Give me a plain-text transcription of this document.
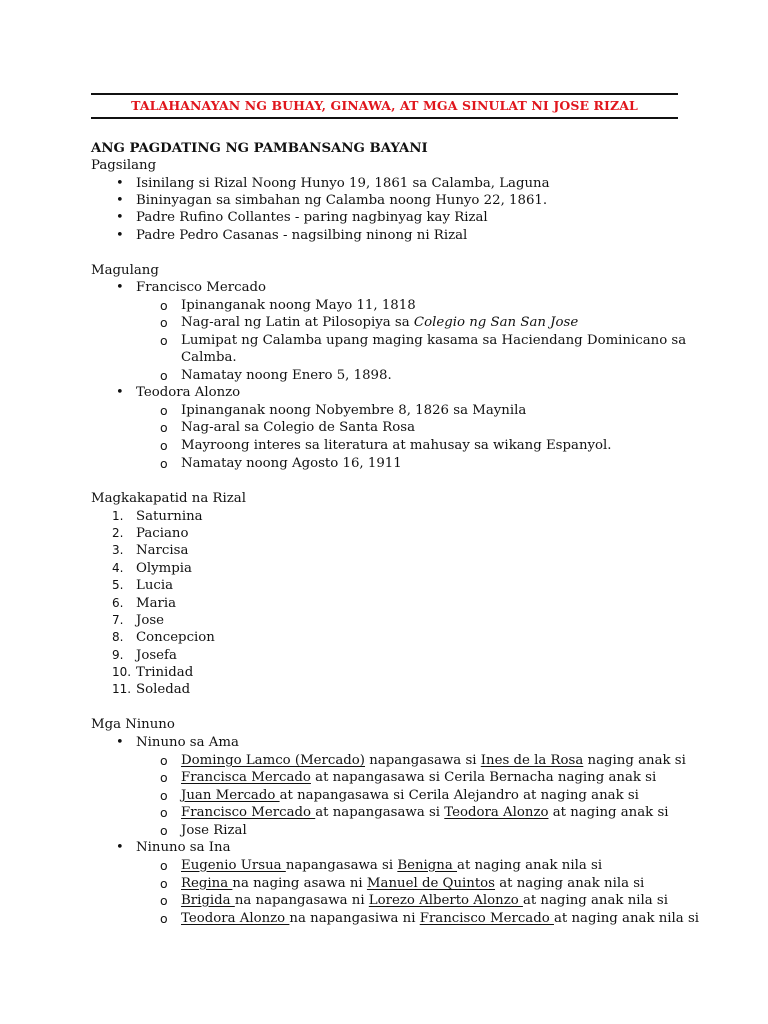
TALAHANAYAN NG BUHAY, GINAWA, AT MGA SINULAT NI JOSE RIZAL
ANG PAGDATING NG PAMBANSANG BAYANI
Pagsilang
• Isinilang si Rizal Noong Hunyo 19, 1861 sa Calamba, Laguna
• Bininyagan sa simbahan ng Calamba noong Hunyo 22, 1861.
• Padre Rufino Collantes - paring nagbinyag kay Rizal
• Padre Pedro Casanas - nagsilbing ninong ni Rizal
Magulang
• Francisco Mercado
o Ipinanganak noong Mayo 11, 1818
o Nag-aral ng Latin at Pilosopiya sa Colegio ng San San Jose
o Lumipat ng Calamba upang maging kasama sa Haciendang Dominicano sa
Calmba.
o Namatay noong Enero 5, 1898.
• Teodora Alonzo
o Ipinanganak noong Nobyembre 8, 1826 sa Maynila
o Nag-aral sa Colegio de Santa Rosa
o Mayroong interes sa literatura at mahusay sa wikang Espanyol.
o Namatay noong Agosto 16, 1911
Magkakapatid na Rizal
1. Saturnina
2. Paciano
3. Narcisa
4. Olympia
5. Lucia
6. Maria
7. Jose
8. Concepcion
9. Josefa
10. Trinidad
11. Soledad
Mga Ninuno
• Ninuno sa Ama
o Domingo Lamco (Mercado) napangasawa si Ines de la Rosa naging anak si
o Francisca Mercado at napangasawa si Cerila Bernacha naging anak si
o Juan Mercado at napangasawa si Cerila Alejandro at naging anak si
o Francisco Mercado at napangasawa si Teodora Alonzo at naging anak si
o Jose Rizal
• Ninuno sa Ina
o Eugenio Ursua napangasawa si Benigna at naging anak nila si
o Regina na naging asawa ni Manuel de Quintos at naging anak nila si
o Brigida na napangasawa ni Lorezo Alberto Alonzo at naging anak nila si
o Teodora Alonzo na napangasiwa ni Francisco Mercado at naging anak nila si
